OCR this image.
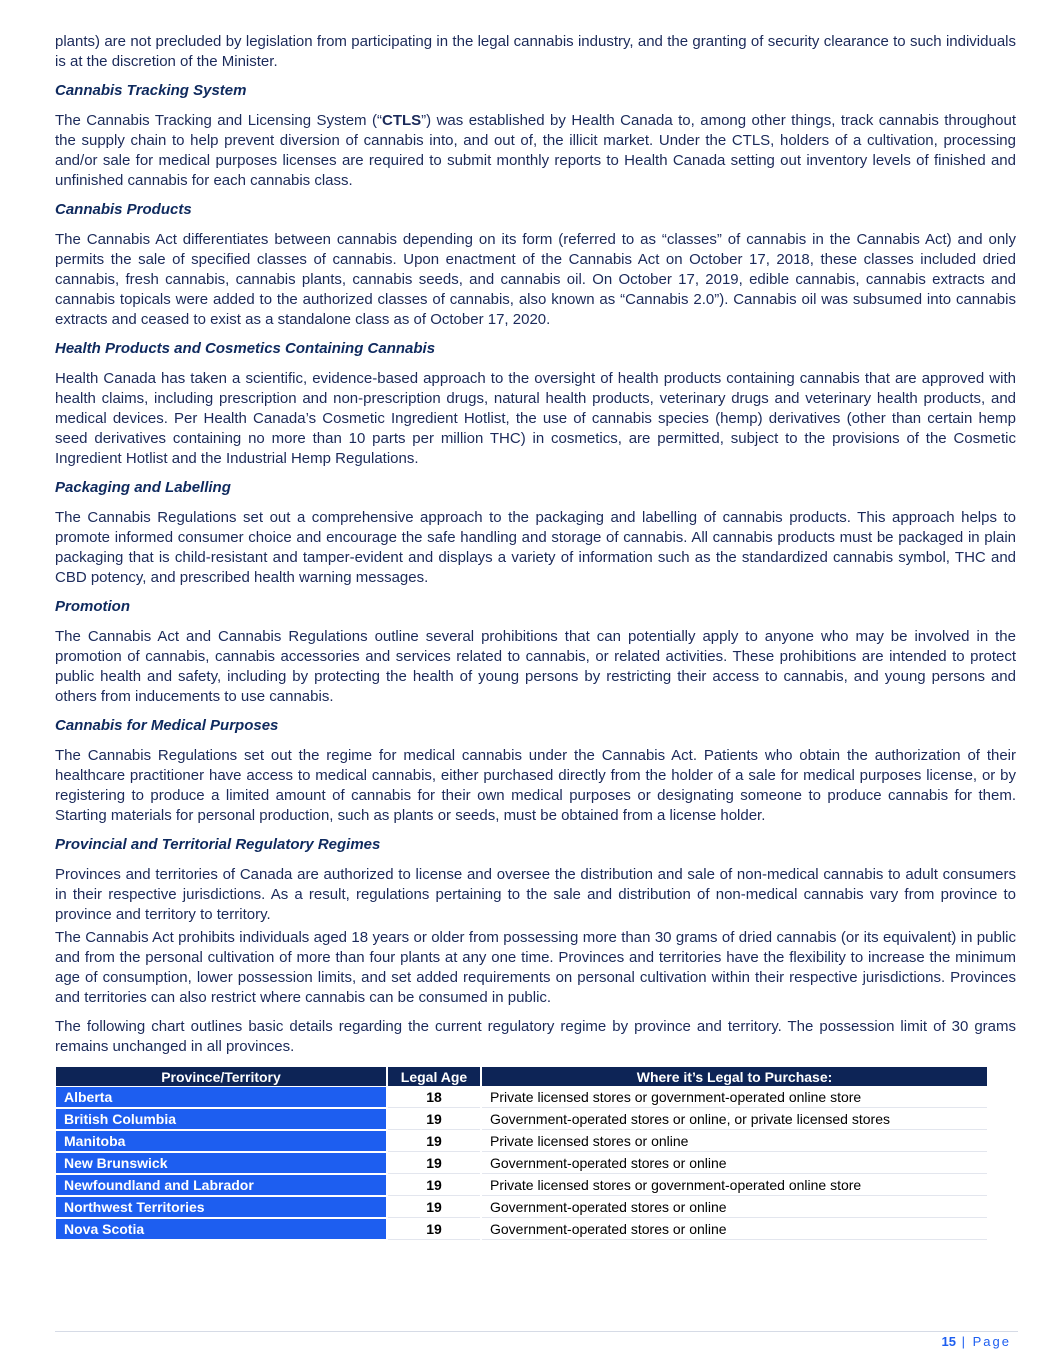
plants) are not precluded by legislation from participating in the legal cannabis industry, and the granting of security clearance to such individuals is at the discretion of the Minister.

Cannabis Tracking System

The Cannabis Tracking and Licensing System (“CTLS”) was established by Health Canada to, among other things, track cannabis throughout the supply chain to help prevent diversion of cannabis into, and out of, the illicit market. Under the CTLS, holders of a cultivation, processing and/or sale for medical purposes licenses are required to submit monthly reports to Health Canada setting out inventory levels of finished and unfinished cannabis for each cannabis class.

Cannabis Products

The Cannabis Act differentiates between cannabis depending on its form (referred to as “classes” of cannabis in the Cannabis Act) and only permits the sale of specified classes of cannabis. Upon enactment of the Cannabis Act on October 17, 2018, these classes included dried cannabis, fresh cannabis, cannabis plants, cannabis seeds, and cannabis oil. On October 17, 2019, edible cannabis, cannabis extracts and cannabis topicals were added to the authorized classes of cannabis, also known as “Cannabis 2.0”). Cannabis oil was subsumed into cannabis extracts and ceased to exist as a standalone class as of October 17, 2020.

Health Products and Cosmetics Containing Cannabis

Health Canada has taken a scientific, evidence-based approach to the oversight of health products containing cannabis that are approved with health claims, including prescription and non-prescription drugs, natural health products, veterinary drugs and veterinary health products, and medical devices. Per Health Canada’s Cosmetic Ingredient Hotlist, the use of cannabis species (hemp) derivatives (other than certain hemp seed derivatives containing no more than 10 parts per million THC) in cosmetics, are permitted, subject to the provisions of the Cosmetic Ingredient Hotlist and the Industrial Hemp Regulations.

Packaging and Labelling

The Cannabis Regulations set out a comprehensive approach to the packaging and labelling of cannabis products. This approach helps to promote informed consumer choice and encourage the safe handling and storage of cannabis. All cannabis products must be packaged in plain packaging that is child-resistant and tamper-evident and displays a variety of information such as the standardized cannabis symbol, THC and CBD potency, and prescribed health warning messages.

Promotion

The Cannabis Act and Cannabis Regulations outline several prohibitions that can potentially apply to anyone who may be involved in the promotion of cannabis, cannabis accessories and services related to cannabis, or related activities. These prohibitions are intended to protect public health and safety, including by protecting the health of young persons by restricting their access to cannabis, and young persons and others from inducements to use cannabis.

Cannabis for Medical Purposes

The Cannabis Regulations set out the regime for medical cannabis under the Cannabis Act. Patients who obtain the authorization of their healthcare practitioner have access to medical cannabis, either purchased directly from the holder of a sale for medical purposes license, or by registering to produce a limited amount of cannabis for their own medical purposes or designating someone to produce cannabis for them. Starting materials for personal production, such as plants or seeds, must be obtained from a license holder.

Provincial and Territorial Regulatory Regimes

Provinces and territories of Canada are authorized to license and oversee the distribution and sale of non-medical cannabis to adult consumers in their respective jurisdictions. As a result, regulations pertaining to the sale and distribution of non-medical cannabis vary from province to province and territory to territory.

The Cannabis Act prohibits individuals aged 18 years or older from possessing more than 30 grams of dried cannabis (or its equivalent) in public and from the personal cultivation of more than four plants at any one time. Provinces and territories have the flexibility to increase the minimum age of consumption, lower possession limits, and set added requirements on personal cultivation within their respective jurisdictions. Provinces and territories can also restrict where cannabis can be consumed in public.

The following chart outlines basic details regarding the current regulatory regime by province and territory. The possession limit of 30 grams remains unchanged in all provinces.

Province/Territory	Legal Age	Where it’s Legal to Purchase:
Alberta	18	Private licensed stores or government-operated online store
British Columbia	19	Government-operated stores or online, or private licensed stores
Manitoba	19	Private licensed stores or online
New Brunswick	19	Government-operated stores or online
Newfoundland and Labrador	19	Private licensed stores or government-operated online store
Northwest Territories	19	Government-operated stores or online
Nova Scotia	19	Government-operated stores or online
15 | Page
